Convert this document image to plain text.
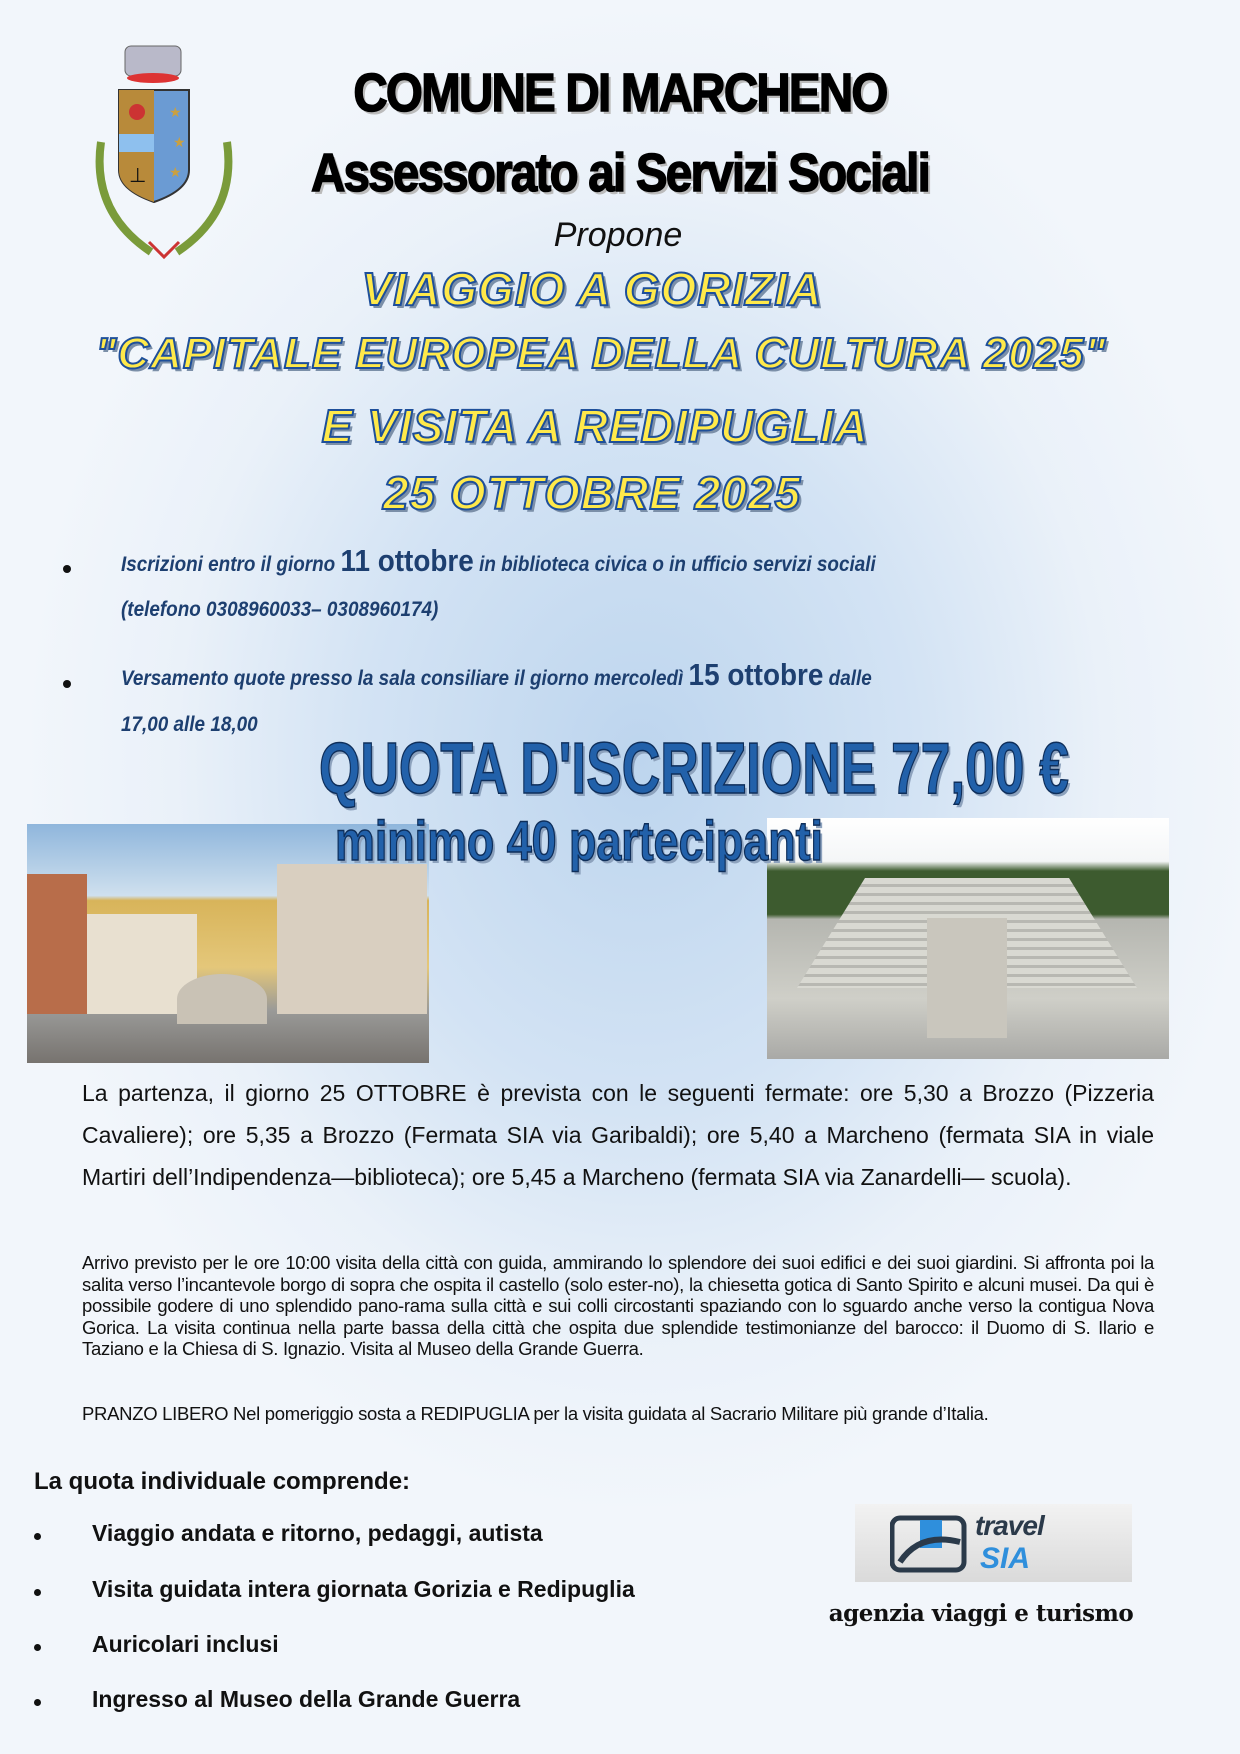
★
★
★
⊥
COMUNE DI MARCHENO
Assessorato ai Servizi Sociali
Propone
VIAGGIO A GORIZIA
"CAPITALE EUROPEA DELLA CULTURA 2025"
E VISITA A REDIPUGLIA
25 OTTOBRE 2025
Iscrizioni entro il giorno 11 ottobre in biblioteca civica o in ufficio servizi sociali
(telefono 0308960033– 0308960174)
Versamento quote presso la sala consiliare il giorno mercoledì 15 ottobre dalle
17,00 alle 18,00
QUOTA D'ISCRIZIONE 77,00 €
minimo 40 partecipanti
La partenza, il giorno 25 OTTOBRE è prevista con le seguenti fermate: ore 5,30 a Brozzo (Pizzeria Cavaliere); ore 5,35 a Brozzo (Fermata SIA via Garibaldi); ore 5,40 a Marcheno (fermata SIA in viale Martiri dell’Indipendenza—biblioteca); ore 5,45 a Marcheno (fermata SIA via Zanardelli— scuola).
Arrivo previsto per le ore 10:00 visita della città con guida, ammirando lo splendore dei suoi edifici e dei suoi giardini. Si affronta poi la salita verso l’incantevole borgo di sopra che ospita il castello (solo ester-no), la chiesetta gotica di Santo Spirito e alcuni musei. Da qui è possibile godere di uno splendido pano-rama sulla città e sui colli circostanti spaziando con lo sguardo anche verso la contigua Nova Gorica. La visita continua nella parte bassa della città che ospita due splendide testimonianze del barocco: il Duomo di S. Ilario e Taziano e la Chiesa di S. Ignazio. Visita al Museo della Grande Guerra.
PRANZO LIBERO Nel pomeriggio sosta a REDIPUGLIA per la visita guidata al Sacrario Militare più grande d’Italia.
La quota individuale comprende:
Viaggio andata e ritorno, pedaggi, autista
Visita guidata intera giornata Gorizia e Redipuglia
Auricolari inclusi
Ingresso al Museo della Grande Guerra
travel
SIA
agenzia viaggi e turismo
